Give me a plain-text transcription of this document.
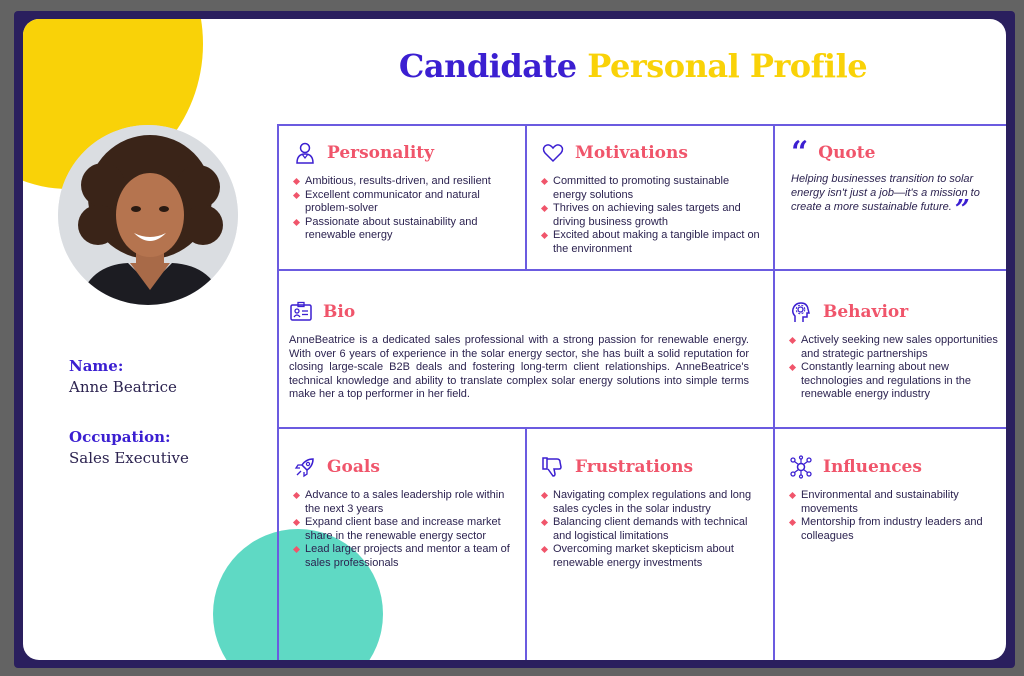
Name:
Anne Beatrice
Occupation:
Sales Executive
Candidate Personal Profile
Personality
Ambitious, results-driven, and resilient
Excellent communicator and natural problem-solver
Passionate about sustainability and renewable energy
Motivations
Committed to promoting sustainable energy solutions
Thrives on achieving sales targets and driving business growth
Excited about making a tangible impact on the environment
“ Quote
Helping businesses transition to solar energy isn't just a job—it's a mission to create a more sustainable future. ”
Bio
AnneBeatrice is a dedicated sales professional with a strong passion for renewable energy. With over 6 years of experience in the solar energy sector, she has built a solid reputation for closing large-scale B2B deals and fostering long-term client relationships. AnneBeatrice's technical knowledge and ability to translate complex solar energy solutions into simple terms make her a top performer in her field.
Behavior
Actively seeking new sales opportunities and strategic partnerships
Constantly learning about new technologies and regulations in the renewable energy industry
Goals
Advance to a sales leadership role within the next 3 years
Expand client base and increase market share in the renewable energy sector
Lead larger projects and mentor a team of sales professionals
Frustrations
Navigating complex regulations and long sales cycles in the solar industry
Balancing client demands with technical and logistical limitations
Overcoming market skepticism about renewable energy investments
Influences
Environmental and sustainability movements
Mentorship from industry leaders and colleagues
